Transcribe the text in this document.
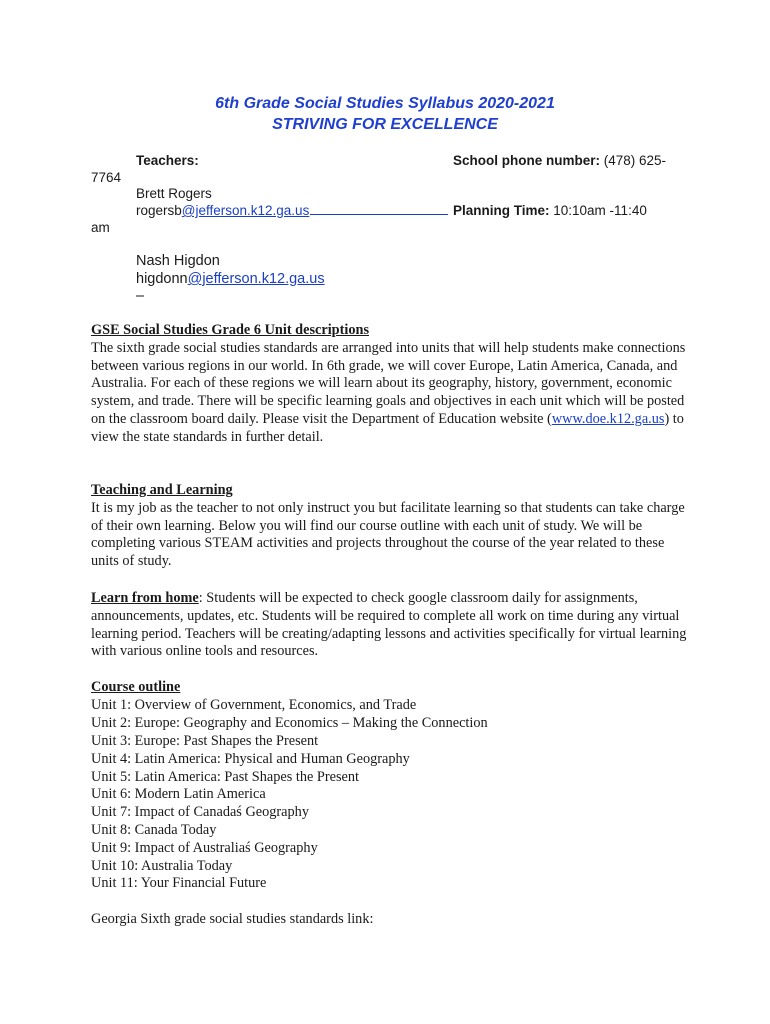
6th Grade Social Studies Syllabus 2020-2021
STRIVING FOR EXCELLENCE
Teachers:	School phone number: (478) 625-
7764
Brett Rogers
rogersb@jefferson.k12.ga.us	Planning Time: 10:10am -11:40
am
Nash Higdon
higdonn@jefferson.k12.ga.us
–
GSE Social Studies Grade 6 Unit descriptions
The sixth grade social studies standards are arranged into units that will help students make connections between various regions in our world. In 6th grade, we will cover Europe, Latin America, Canada, and Australia. For each of these regions we will learn about its geography, history, government, economic system, and trade. There will be specific learning goals and objectives in each unit which will be posted on the classroom board daily. Please visit the Department of Education website (www.doe.k12.ga.us) to view the state standards in further detail.
Teaching and Learning
It is my job as the teacher to not only instruct you but facilitate learning so that students can take charge of their own learning. Below you will find our course outline with each unit of study. We will be completing various STEAM activities and projects throughout the course of the year related to these units of study.
Learn from home: Students will be expected to check google classroom daily for assignments, announcements, updates, etc. Students will be required to complete all work on time during any virtual learning period. Teachers will be creating/adapting lessons and activities specifically for virtual learning with various online tools and resources.
Course outline
Unit 1: Overview of Government, Economics, and Trade
Unit 2: Europe: Geography and Economics – Making the Connection
Unit 3: Europe: Past Shapes the Present
Unit 4: Latin America: Physical and Human Geography
Unit 5: Latin America: Past Shapes the Present
Unit 6: Modern Latin America
Unit 7: Impact of Canadaś Geography
Unit 8: Canada Today
Unit 9: Impact of Australiaś Geography
Unit 10: Australia Today
Unit 11: Your Financial Future
Georgia Sixth grade social studies standards link:
